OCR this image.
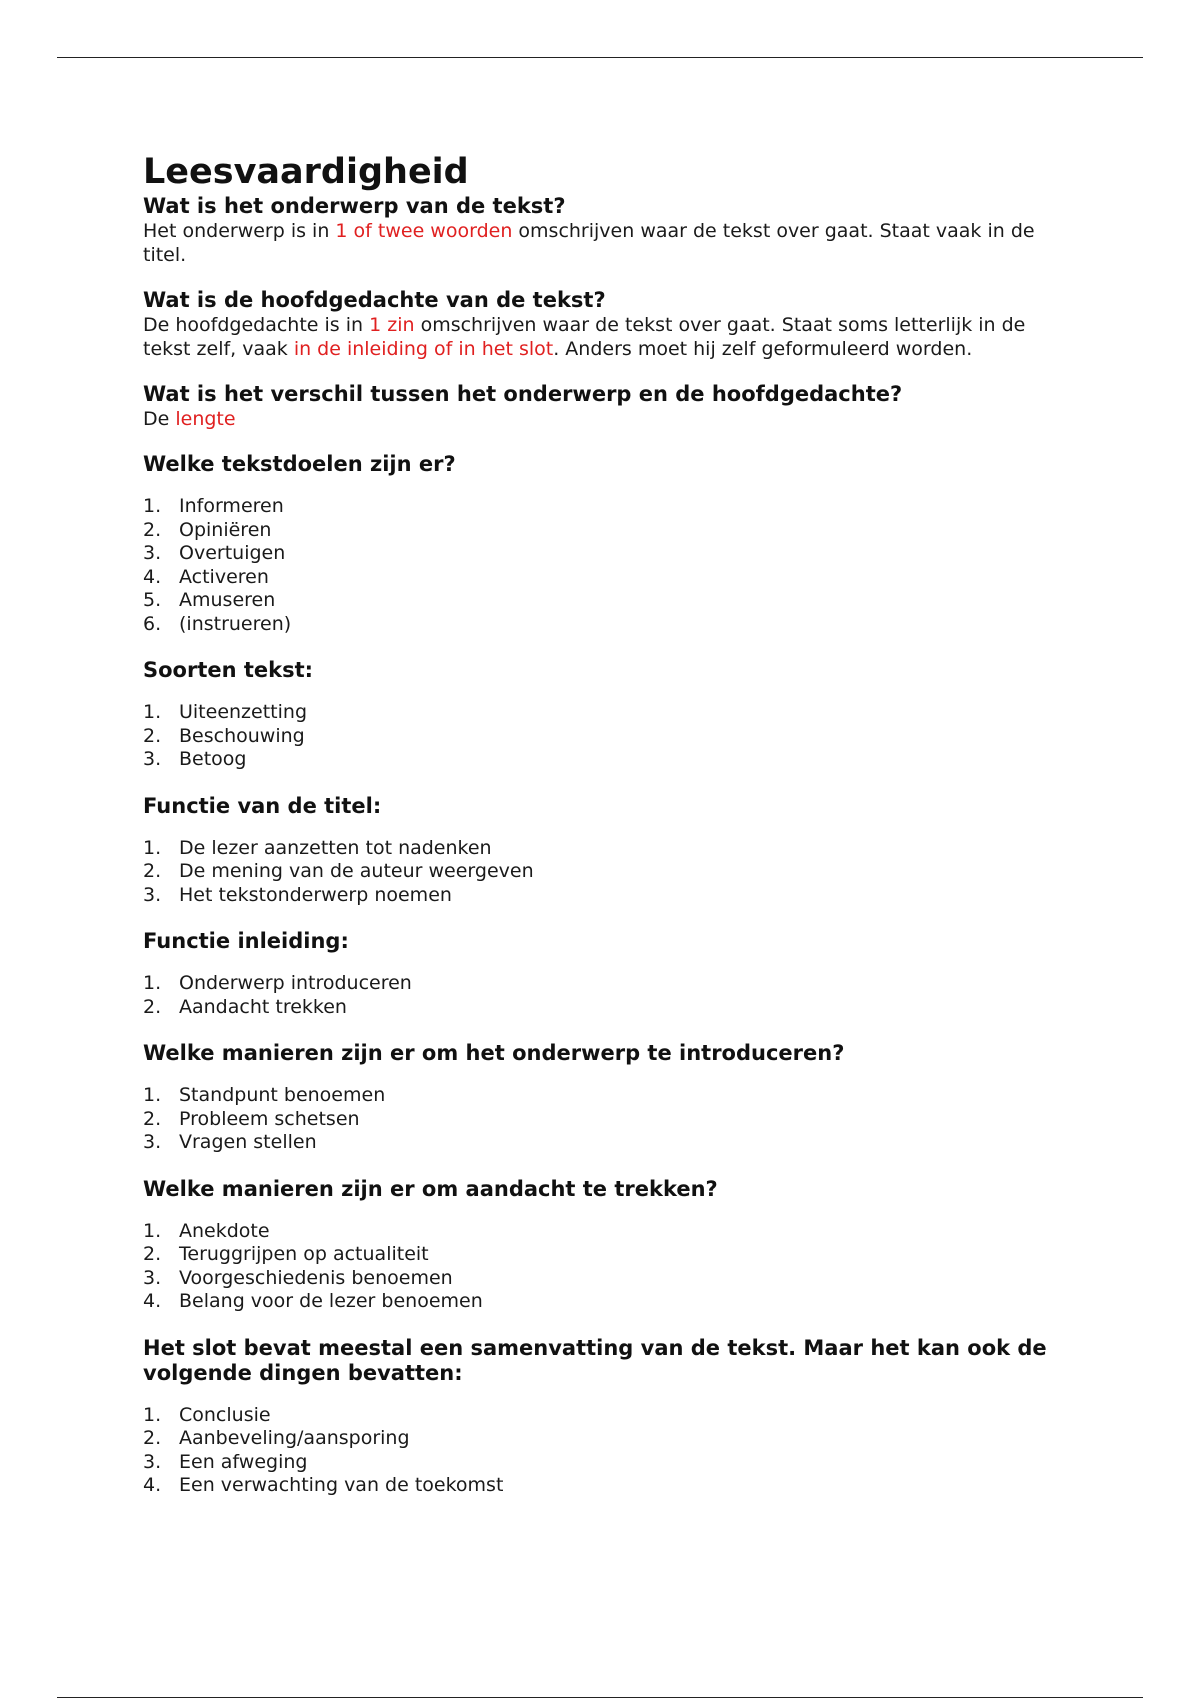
Leesvaardigheid
Wat is het onderwerp van de tekst?

Het onderwerp is in 1 of twee woorden omschrijven waar de tekst over gaat. Staat vaak in de titel.

Wat is de hoofdgedachte van de tekst?

De hoofdgedachte is in 1 zin omschrijven waar de tekst over gaat. Staat soms letterlijk in de tekst zelf, vaak in de inleiding of in het slot. Anders moet hij zelf geformuleerd worden.

Wat is het verschil tussen het onderwerp en de hoofdgedachte?

De lengte

Welke tekstdoelen zijn er?
1. Informeren
2. Opiniëren
3. Overtuigen
4. Activeren
5. Amuseren
6. (instrueren)
Soorten tekst:
1. Uiteenzetting
2. Beschouwing
3. Betoog
Functie van de titel:
1. De lezer aanzetten tot nadenken
2. De mening van de auteur weergeven
3. Het tekstonderwerp noemen
Functie inleiding:
1. Onderwerp introduceren
2. Aandacht trekken
Welke manieren zijn er om het onderwerp te introduceren?
1. Standpunt benoemen
2. Probleem schetsen
3. Vragen stellen
Welke manieren zijn er om aandacht te trekken?
1. Anekdote
2. Teruggrijpen op actualiteit
3. Voorgeschiedenis benoemen
4. Belang voor de lezer benoemen
Het slot bevat meestal een samenvatting van de tekst. Maar het kan ook de volgende dingen bevatten:
1. Conclusie
2. Aanbeveling/aansporing
3. Een afweging
4. Een verwachting van de toekomst
